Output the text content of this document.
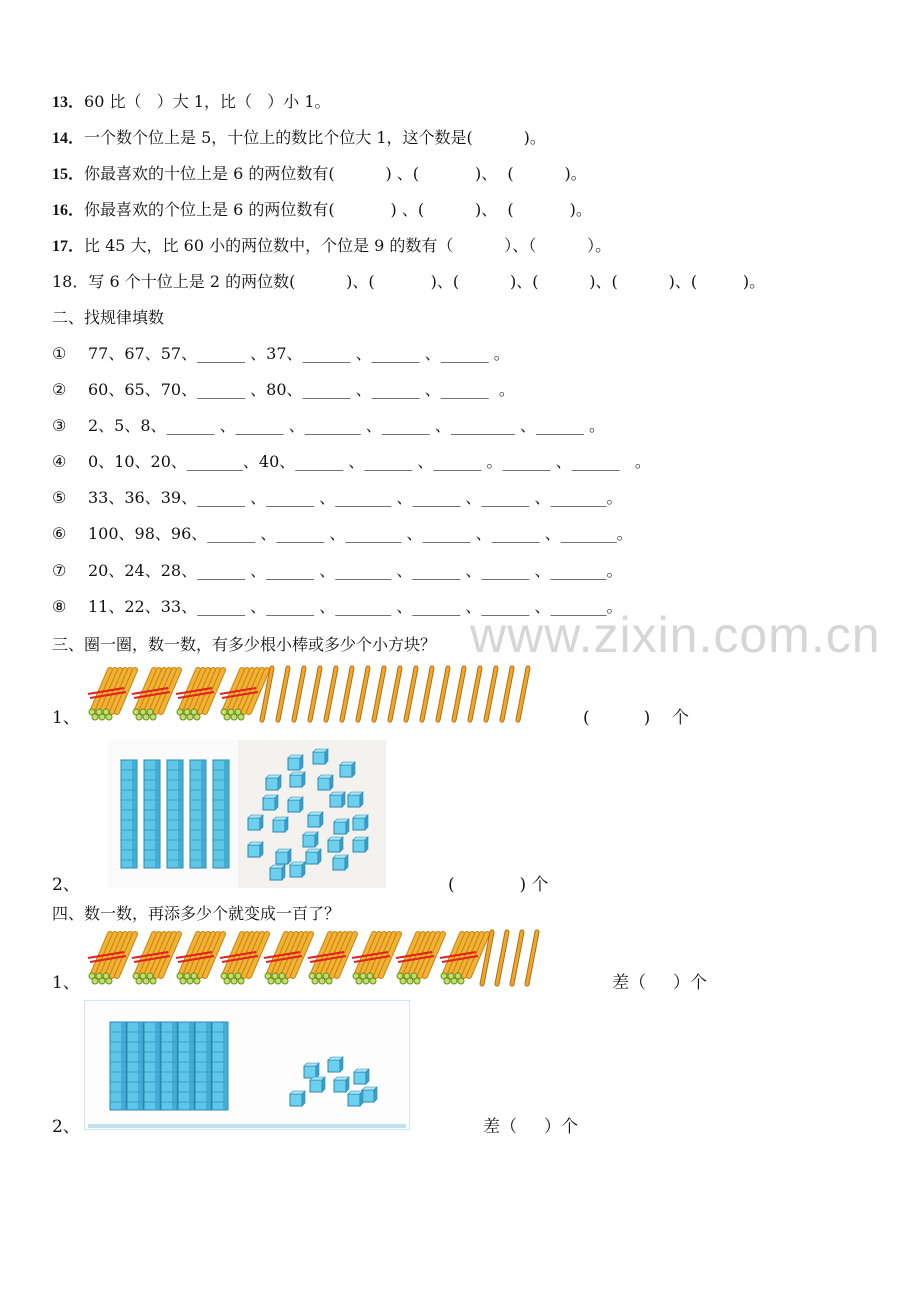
13．60 比（   ）大 1，比（   ）小 1。
14．一个数个位上是 5，十位上的数比个位大 1，这个数是(          )。
15．你最喜欢的十位上是 6 的两位数有(          ) 、(           )、  (          )。
16．你最喜欢的个位上是 6 的两位数有(           ) 、(          )、  (           )。
17．比 45 大，比 60 小的两位数中，个位是 9 的数有（          ）、（          ）。
18．写 6 个十位上是 2 的两位数(          )、(           )、(          )、(          )、(          )、(         )。
二、找规律填数
① 77、67、57、______ 、37、______ 、______ 、______ 。
② 60、65、70、______ 、80、______ 、______ 、______  。
③ 2、5、8、______ 、______ 、_______ 、______ 、________ 、______ 。
④ 0、10、20、_______、40、______ 、______ 、______ 。______ 、______   。
⑤ 33、36、39、______ 、______ 、_______ 、______ 、______ 、_______。
⑥ 100、98、96、______ 、______ 、_______ 、______ 、______ 、_______。
⑦ 20、24、28、______ 、______ 、_______ 、______ 、______ 、_______。
⑧ 11、22、33、______ 、______ 、_______ 、______ 、______ 、_______。
三、圈一圈，数一数，有多少根小棒或多少个小方块？
1、	(          )    个
2、	(            ) 个
四、数一数，再添多少个就变成一百了？
1、	差（     ）个
2、	差（     ）个
www.zixin.com.cn
